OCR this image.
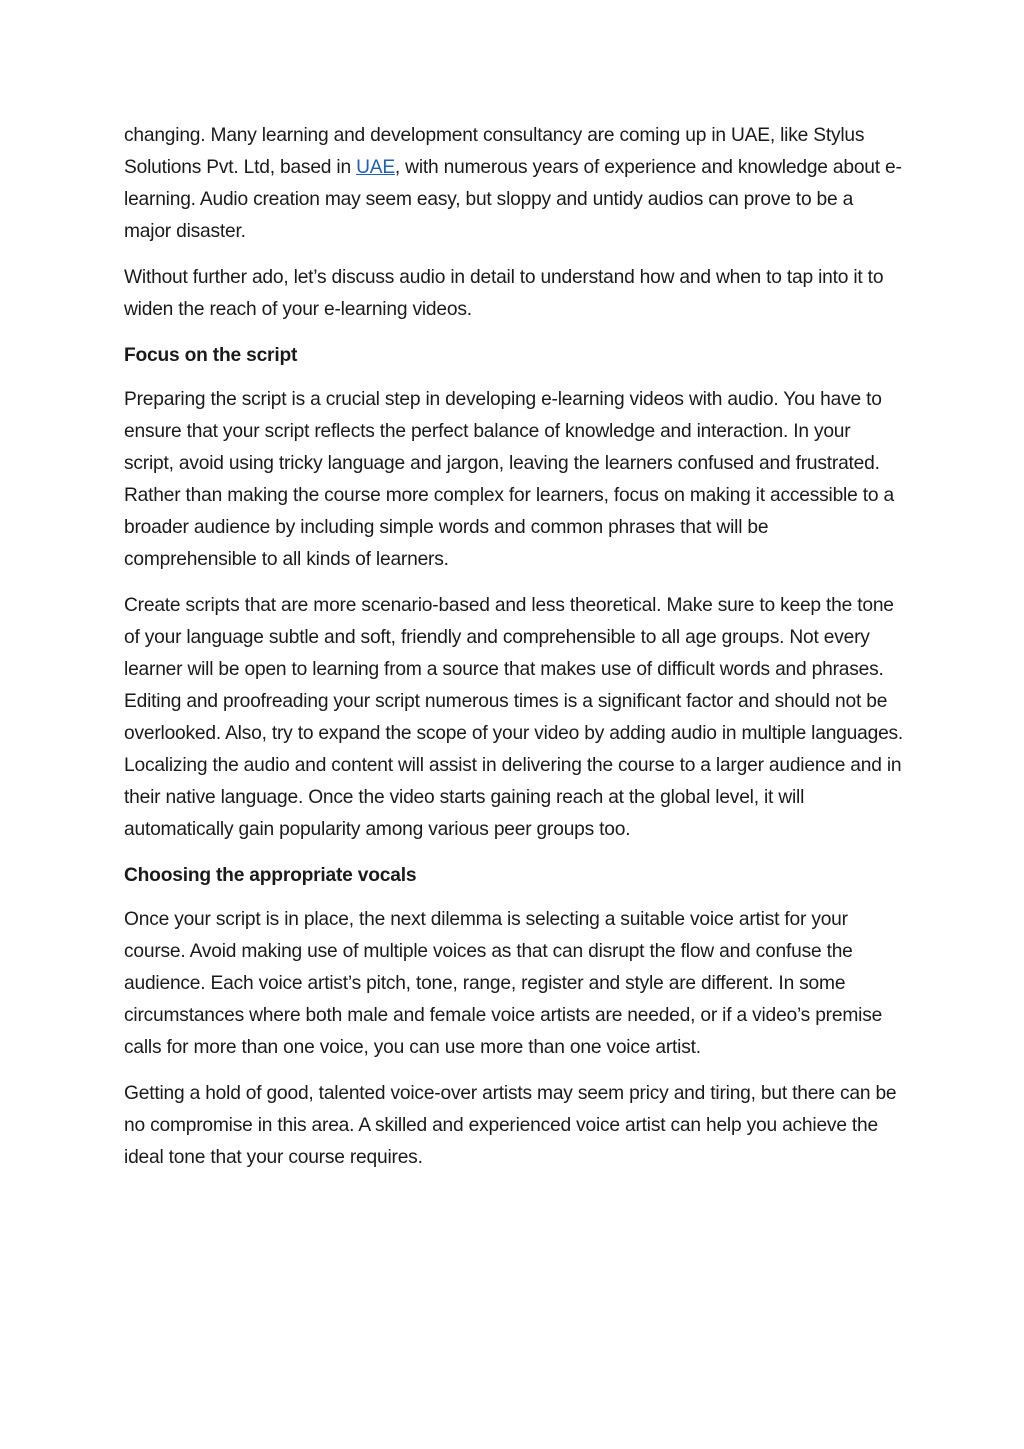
changing. Many learning and development consultancy are coming up in UAE, like Stylus Solutions Pvt. Ltd, based in UAE, with numerous years of experience and knowledge about e-learning. Audio creation may seem easy, but sloppy and untidy audios can prove to be a major disaster.

Without further ado, let’s discuss audio in detail to understand how and when to tap into it to widen the reach of your e-learning videos.

Focus on the script

Preparing the script is a crucial step in developing e-learning videos with audio. You have to ensure that your script reflects the perfect balance of knowledge and interaction. In your script, avoid using tricky language and jargon, leaving the learners confused and frustrated. Rather than making the course more complex for learners, focus on making it accessible to a broader audience by including simple words and common phrases that will be comprehensible to all kinds of learners.

Create scripts that are more scenario-based and less theoretical. Make sure to keep the tone of your language subtle and soft, friendly and comprehensible to all age groups. Not every learner will be open to learning from a source that makes use of difficult words and phrases. Editing and proofreading your script numerous times is a significant factor and should not be overlooked. Also, try to expand the scope of your video by adding audio in multiple languages. Localizing the audio and content will assist in delivering the course to a larger audience and in their native language. Once the video starts gaining reach at the global level, it will automatically gain popularity among various peer groups too.

Choosing the appropriate vocals

Once your script is in place, the next dilemma is selecting a suitable voice artist for your course. Avoid making use of multiple voices as that can disrupt the flow and confuse the audience. Each voice artist’s pitch, tone, range, register and style are different. In some circumstances where both male and female voice artists are needed, or if a video’s premise calls for more than one voice, you can use more than one voice artist.

Getting a hold of good, talented voice-over artists may seem pricy and tiring, but there can be no compromise in this area. A skilled and experienced voice artist can help you achieve the ideal tone that your course requires.
